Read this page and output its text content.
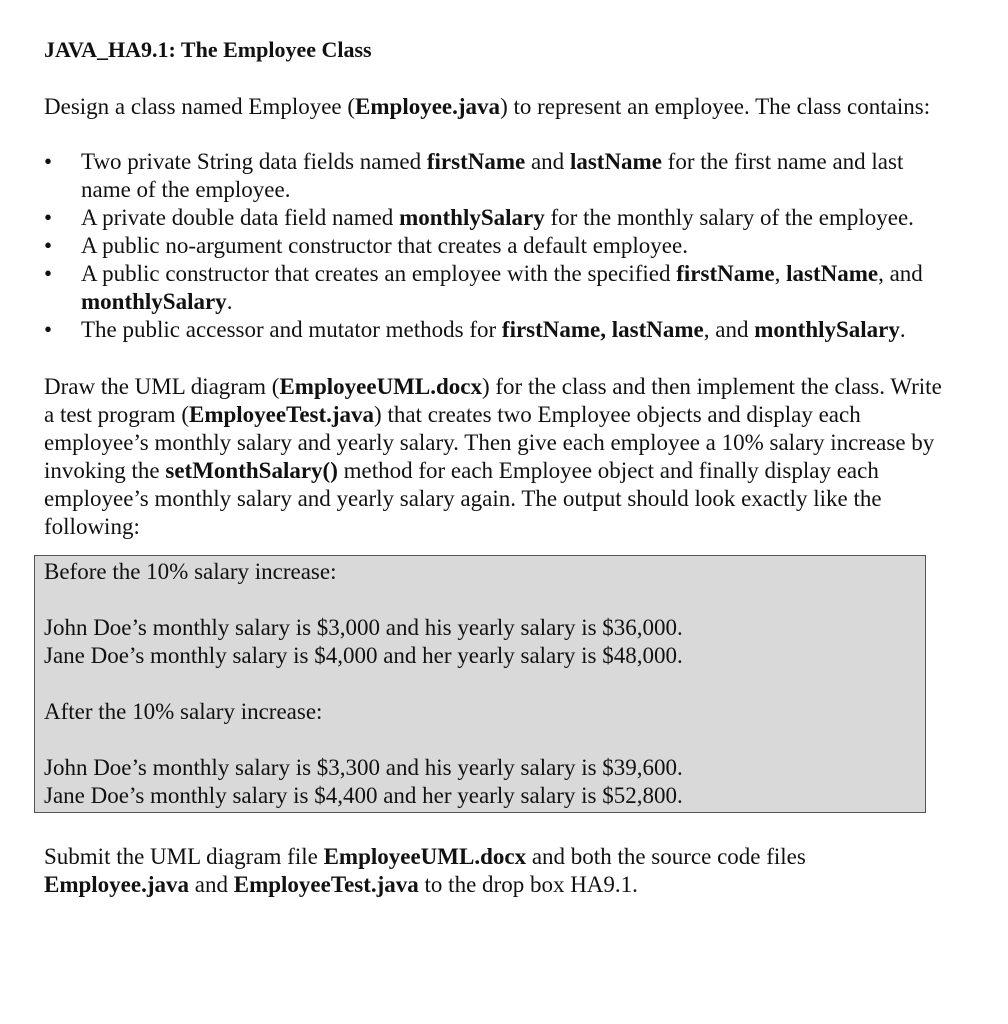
JAVA_HA9.1: The Employee Class

Design a class named Employee (Employee.java) to represent an employee. The class contains:

•	Two private String data fields named firstName and lastName for the first name and last name of the employee.
•	A private double data field named monthlySalary for the monthly salary of the employee.
•	A public no-argument constructor that creates a default employee.
•	A public constructor that creates an employee with the specified firstName, lastName, and monthlySalary.
•	The public accessor and mutator methods for firstName, lastName, and monthlySalary.

Draw the UML diagram (EmployeeUML.docx) for the class and then implement the class. Write a test program (EmployeeTest.java) that creates two Employee objects and display each employee’s monthly salary and yearly salary. Then give each employee a 10% salary increase by invoking the setMonthSalary() method for each Employee object and finally display each employee’s monthly salary and yearly salary again. The output should look exactly like the following:

Before the 10% salary increase:

John Doe’s monthly salary is $3,000 and his yearly salary is $36,000.

Jane Doe’s monthly salary is $4,000 and her yearly salary is $48,000.

After the 10% salary increase:

John Doe’s monthly salary is $3,300 and his yearly salary is $39,600.

Jane Doe’s monthly salary is $4,400 and her yearly salary is $52,800.

Submit the UML diagram file EmployeeUML.docx and both the source code files Employee.java and EmployeeTest.java to the drop box HA9.1.
